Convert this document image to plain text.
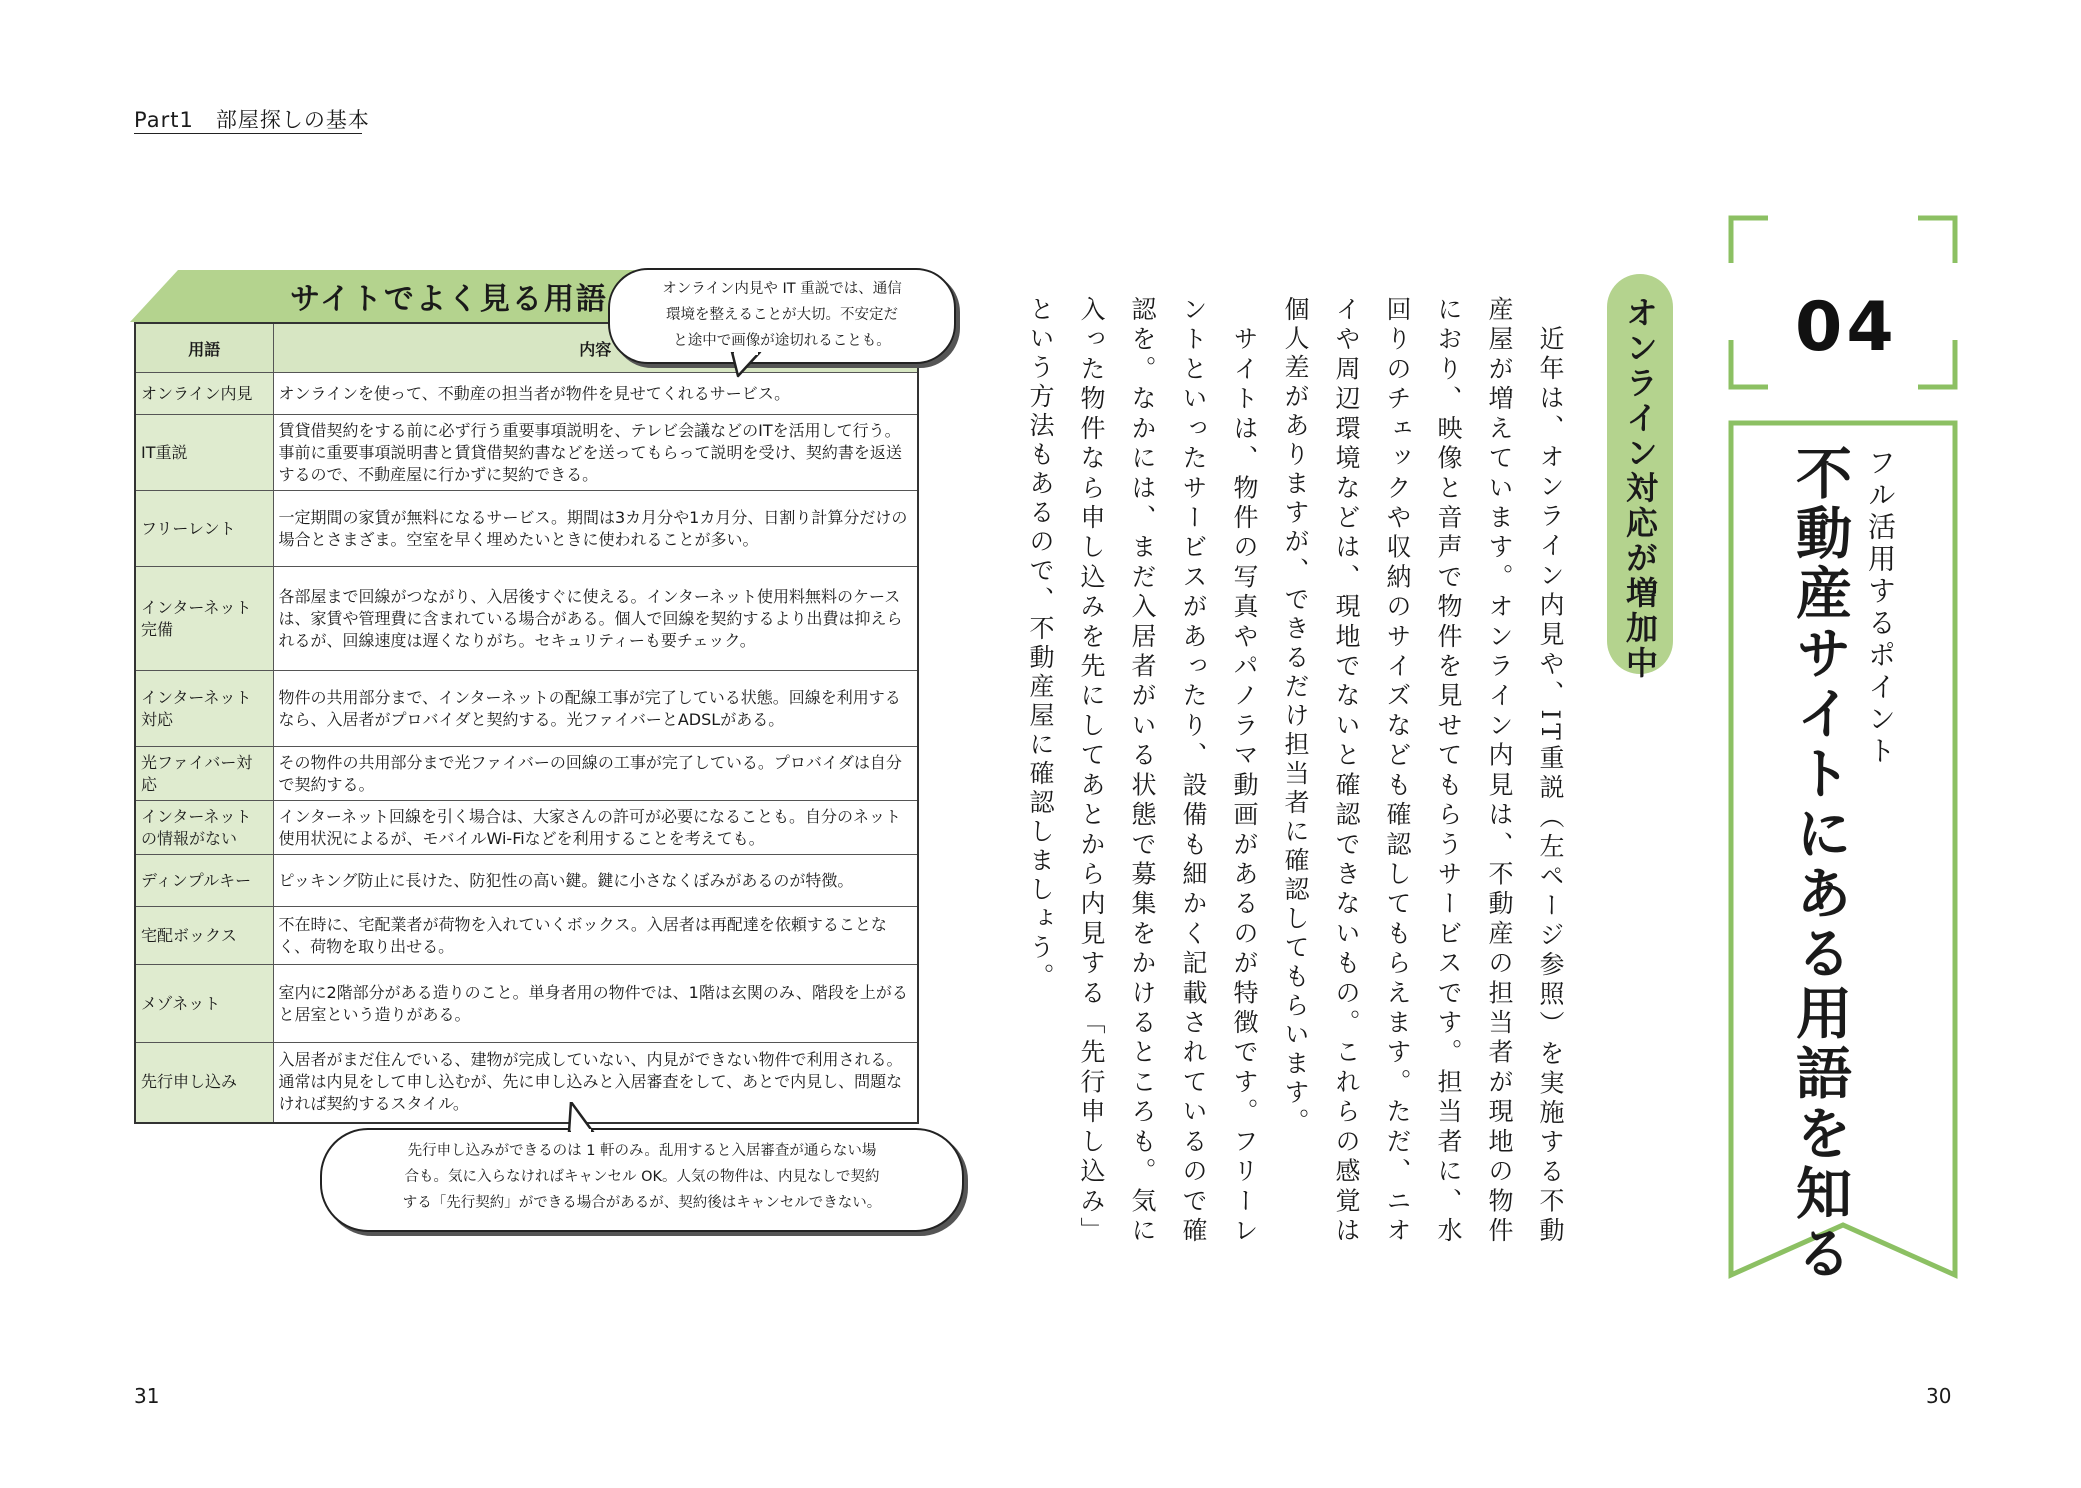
Part1　部屋探しの基本
サイトでよく見る用語
用語	内容
オンライン内見	オンラインを使って、不動産の担当者が物件を見せてくれるサービス。
IT重説	賃貸借契約をする前に必ず行う重要事項説明を、テレビ会議などのITを活用して行う。事前に重要事項説明書と賃貸借契約書などを送ってもらって説明を受け、契約書を返送するので、不動産屋に行かずに契約できる。
フリーレント	一定期間の家賃が無料になるサービス。期間は3カ月分や1カ月分、日割り計算分だけの場合とさまざま。空室を早く埋めたいときに使われることが多い。
インターネット完備	各部屋まで回線がつながり、入居後すぐに使える。インターネット使用料無料のケースは、家賃や管理費に含まれている場合がある。個人で回線を契約するより出費は抑えられるが、回線速度は遅くなりがち。セキュリティーも要チェック。
インターネット対応	物件の共用部分まで、インターネットの配線工事が完了している状態。回線を利用するなら、入居者がプロバイダと契約する。光ファイバーとADSLがある。
光ファイバー対応	その物件の共用部分まで光ファイバーの回線の工事が完了している。プロバイダは自分で契約する。
インターネットの情報がない	インターネット回線を引く場合は、大家さんの許可が必要になることも。自分のネット使用状況によるが、モバイルWi-Fiなどを利用することを考えても。
ディンプルキー	ピッキング防止に長けた、防犯性の高い鍵。鍵に小さなくぼみがあるのが特徴。
宅配ボックス	不在時に、宅配業者が荷物を入れていくボックス。入居者は再配達を依頼することなく、荷物を取り出せる。
メゾネット	室内に2階部分がある造りのこと。単身者用の物件では、1階は玄関のみ、階段を上がると居室という造りがある。
先行申し込み	入居者がまだ住んでいる、建物が完成していない、内見ができない物件で利用される。通常は内見をして申し込むが、先に申し込みと入居審査をして、あとで内見し、問題なければ契約するスタイル。
オンライン内見や IT 重説では、通信
環境を整えることが大切。不安定だ
と途中で画像が途切れることも。
先行申し込みができるのは 1 軒のみ。乱用すると入居審査が通らない場
合も。気に入らなければキャンセル OK。人気の物件は、内見なしで契約
する「先行契約」ができる場合があるが、契約後はキャンセルできない。
31
　近年は、オンライン内見や、IT重説（左ページ参照）を実施する不動産屋が増えています。オンライン内見は、不動産の担当者が現地の物件におり、映像と音声で物件を見せてもらうサービスです。担当者に、水回りのチェックや収納のサイズなども確認してもらえます。ただ、ニオイや周辺環境などは、現地でないと確認できないもの。これらの感覚は個人差がありますが、できるだけ担当者に確認してもらいます。
　サイトは、物件の写真やパノラマ動画があるのが特徴です。フリーレントといったサービスがあったり、設備も細かく記載されているので確認を。なかには、まだ入居者がいる状態で募集をかけるところも。気に入った物件なら申し込みを先にしてあとから内見する「先行申し込み」という方法もあるので、不動産屋に確認しましょう。	オンライン対応が増加中 04
フル活用するポイント
不動産サイトにある用語を知る
30
